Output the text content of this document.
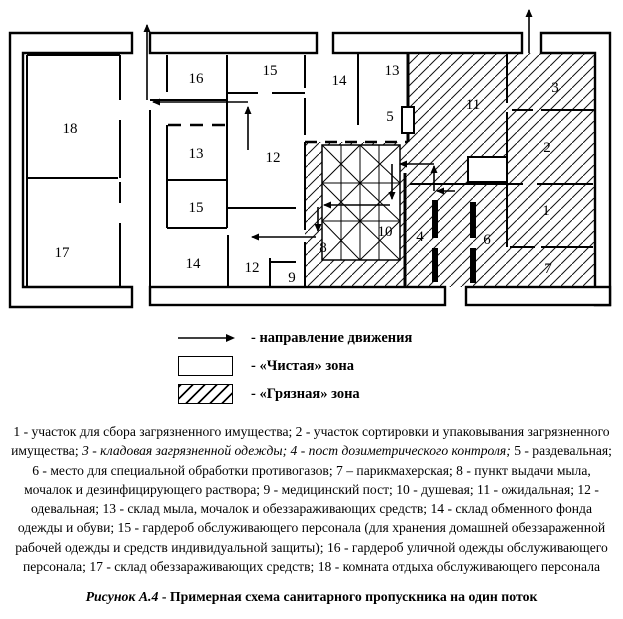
18
17
16	15
13	12
15
14	12
9
8
10 4	6
14
13
5
11
3
2
1
7
- направление движения
- «Чистая» зона
- «Грязная» зона
1 - участок для сбора загрязненного имущества; 2 - участок сортировки и упаковывания загрязненного имущества; 3 - кладовая загрязненной одежды; 4 - пост дозиметрического контроля; 5 - раздевальная; 6 - место для специальной обработки противогазов; 7 – парикмахерская; 8 - пункт выдачи мыла, мочалок и дезинфицирующего раствора; 9 - медицинский пост; 10 - душевая; 11 - ожидальная; 12 - одевальная; 13 - склад мыла, мочалок и обеззараживающих средств; 14 - склад обменного фонда одежды и обуви; 15 - гардероб обслуживающего персонала (для хранения домашней обеззараженной рабочей одежды и средств индивидуальной защиты); 16 - гардероб уличной одежды обслуживающего персонала; 17 - склад обеззараживающих средств; 18 - комната отдыха обслуживающего персонала
Рисунок А.4 - Примерная схема санитарного пропускника на один поток
